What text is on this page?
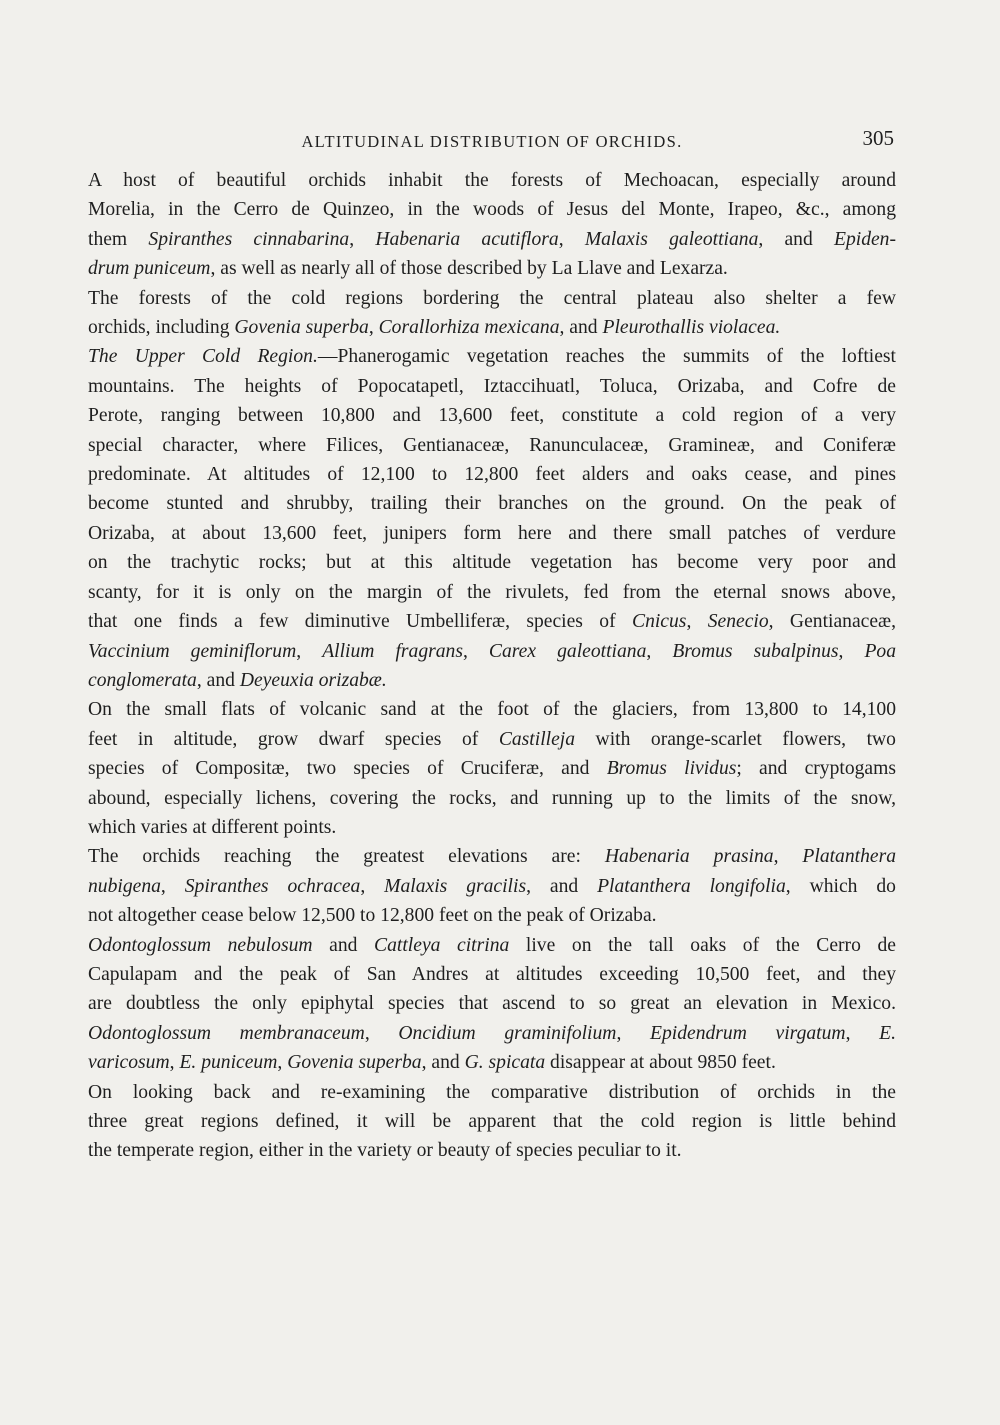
ALTITUDINAL DISTRIBUTION OF ORCHIDS.	305
A host of beautiful orchids inhabit the forests of Mechoacan, especially around
Morelia, in the Cerro de Quinzeo, in the woods of Jesus del Monte, Irapeo, &c., among
them Spiranthes cinnabarina, Habenaria acutiflora, Malaxis galeottiana, and Epiden-
drum puniceum, as well as nearly all of those described by La Llave and Lexarza.
The forests of the cold regions bordering the central plateau also shelter a few
orchids, including Govenia superba, Corallorhiza mexicana, and Pleurothallis violacea.
The Upper Cold Region.—Phanerogamic vegetation reaches the summits of the loftiest
mountains. The heights of Popocatapetl, Iztaccihuatl, Toluca, Orizaba, and Cofre de
Perote, ranging between 10,800 and 13,600 feet, constitute a cold region of a very
special character, where Filices, Gentianaceæ, Ranunculaceæ, Gramineæ, and Coniferæ
predominate. At altitudes of 12,100 to 12,800 feet alders and oaks cease, and pines
become stunted and shrubby, trailing their branches on the ground. On the peak of
Orizaba, at about 13,600 feet, junipers form here and there small patches of verdure
on the trachytic rocks; but at this altitude vegetation has become very poor and
scanty, for it is only on the margin of the rivulets, fed from the eternal snows above,
that one finds a few diminutive Umbelliferæ, species of Cnicus, Senecio, Gentianaceæ,
Vaccinium geminiflorum, Allium fragrans, Carex galeottiana, Bromus subalpinus, Poa
conglomerata, and Deyeuxia orizabæ.
On the small flats of volcanic sand at the foot of the glaciers, from 13,800 to 14,100
feet in altitude, grow dwarf species of Castilleja with orange-scarlet flowers, two
species of Compositæ, two species of Cruciferæ, and Bromus lividus; and cryptogams
abound, especially lichens, covering the rocks, and running up to the limits of the snow,
which varies at different points.
The orchids reaching the greatest elevations are: Habenaria prasina, Platanthera
nubigena, Spiranthes ochracea, Malaxis gracilis, and Platanthera longifolia, which do
not altogether cease below 12,500 to 12,800 feet on the peak of Orizaba.
Odontoglossum nebulosum and Cattleya citrina live on the tall oaks of the Cerro de
Capulapam and the peak of San Andres at altitudes exceeding 10,500 feet, and they
are doubtless the only epiphytal species that ascend to so great an elevation in Mexico.
Odontoglossum membranaceum, Oncidium graminifolium, Epidendrum virgatum, E.
varicosum, E. puniceum, Govenia superba, and G. spicata disappear at about 9850 feet.
On looking back and re-examining the comparative distribution of orchids in the
three great regions defined, it will be apparent that the cold region is little behind
the temperate region, either in the variety or beauty of species peculiar to it.
